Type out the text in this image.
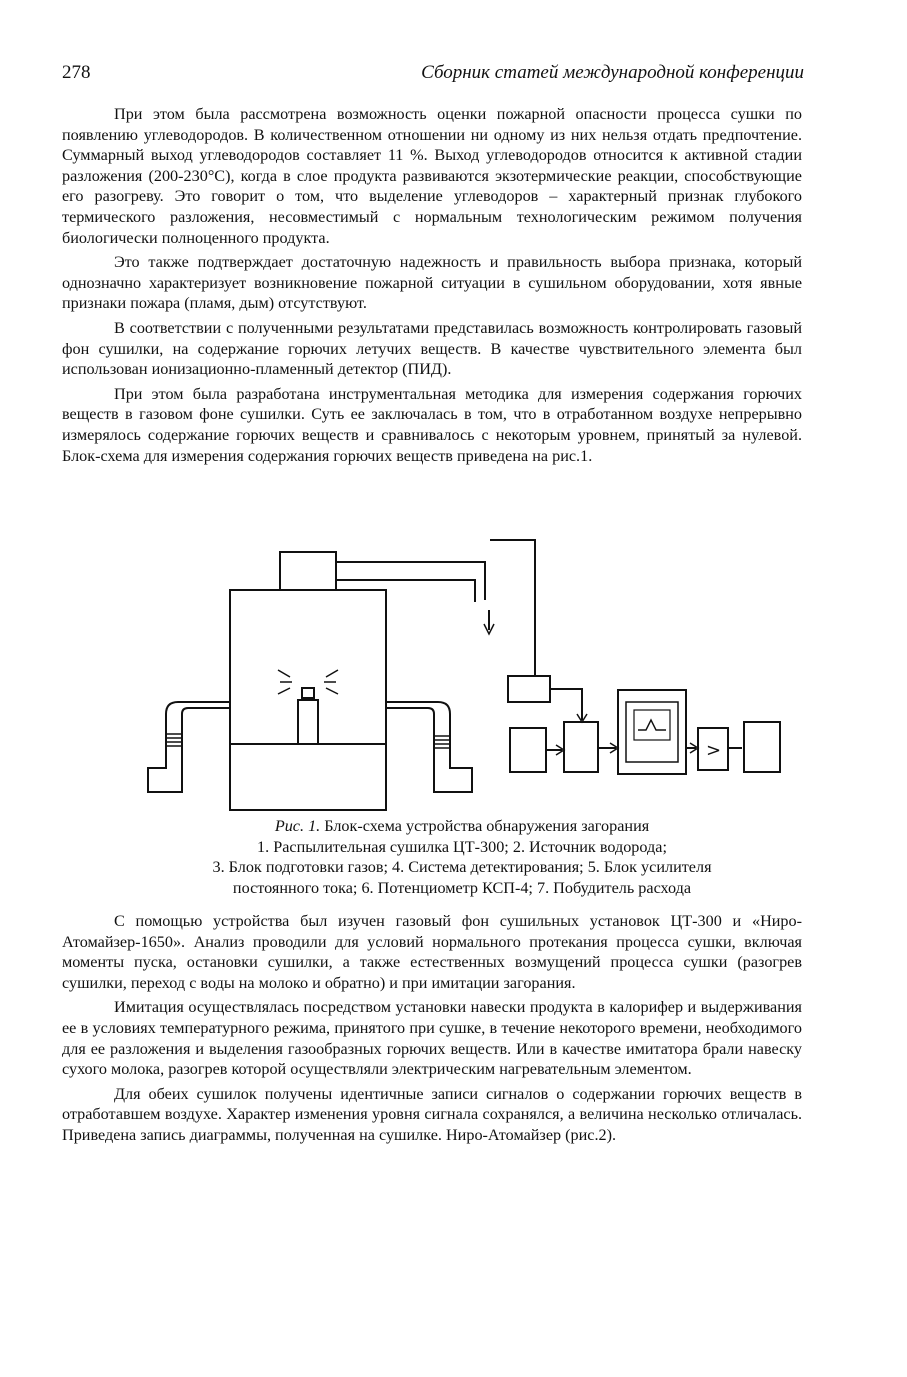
278	Сборник статей международной конференции

При этом была рассмотрена возможность оценки пожарной опасности процесса сушки по появлению углеводородов. В количественном отношении ни одному из них нельзя отдать предпочтение. Суммарный выход углеводородов составляет 11 %. Выход углеводородов относится к активной стадии разложения (200-230°С), когда в слое продукта развиваются экзотермические реакции, способствующие его разогреву. Это говорит о том, что выделение углеводоров – характерный признак глубокого термического разложения, несовместимый с нормальным технологическим режимом получения биологически полноценного продукта.

Это также подтверждает достаточную надежность и правильность выбора признака, который однозначно характеризует возникновение пожарной ситуации в сушильном оборудовании, хотя явные признаки пожара (пламя, дым) отсутствуют.

В соответствии с полученными результатами представилась возможность контролировать газовый фон сушилки, на содержание горючих летучих веществ. В качестве чувствительного элемента был использован ионизационно-пламенный детектор (ПИД).

При этом была разработана инструментальная методика для измерения содержания горючих веществ в газовом фоне сушилки. Суть ее заключалась в том, что в отработанном воздухе непрерывно измерялось содержание горючих веществ и сравнивалось с некоторым уровнем, принятый за нулевой. Блок-схема для измерения содержания горючих веществ приведена на рис.1.

>
Рис. 1. Блок-схема устройства обнаружения загорания
1. Распылительная сушилка ЦТ-300; 2. Источник водорода;
3. Блок подготовки газов; 4. Система детектирования; 5. Блок усилителя
постоянного тока; 6. Потенциометр КСП-4; 7. Побудитель расхода

С помощью устройства был изучен газовый фон сушильных установок ЦТ-300 и «Ниро-Атомайзер-1650». Анализ проводили для условий нормального протекания процесса сушки, включая моменты пуска, остановки сушилки, а также естественных возмущений процесса сушки (разогрев сушилки, переход с воды на молоко и обратно) и при имитации загорания.

Имитация осуществлялась посредством установки навески продукта в калорифер и выдерживания ее в условиях температурного режима, принятого при сушке, в течение некоторого времени, необходимого для ее разложения и выделения газообразных горючих веществ. Или в качестве имитатора брали навеску сухого молока, разогрев которой осуществляли электрическим нагревательным элементом.

Для обеих сушилок получены идентичные записи сигналов о содержании горючих веществ в отработавшем воздухе. Характер изменения уровня сигнала сохранялся, а величина несколько отличалась. Приведена запись диаграммы, полученная на сушилке. Ниро-Атомайзер (рис.2).
